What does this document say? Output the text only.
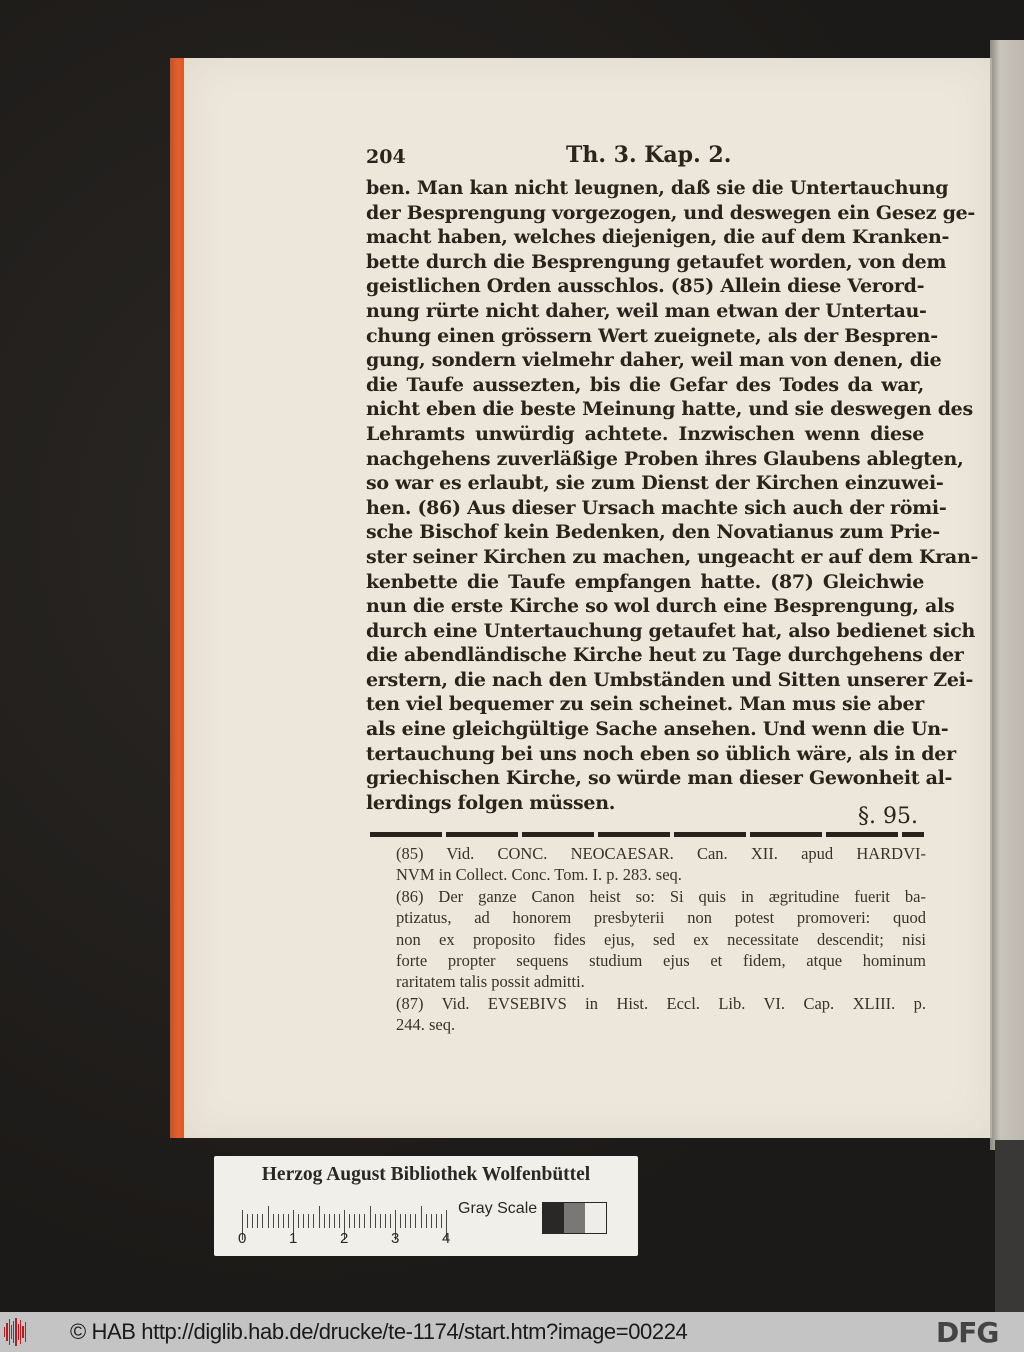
204	Th. 3. Kap. 2.
ben. Man kan nicht leugnen, daß sie die Untertauchung
der Besprengung vorgezogen, und deswegen ein Gesez ge-
macht haben, welches diejenigen, die auf dem Kranken-
bette durch die Besprengung getaufet worden, von dem
geistlichen Orden ausschlos. (85) Allein diese Verord-
nung rürte nicht daher, weil man etwan der Untertau-
chung einen grössern Wert zueignete, als der Bespren-
gung, sondern vielmehr daher, weil man von denen, die
die Taufe aussezten, bis die Gefar des Todes da war,
nicht eben die beste Meinung hatte, und sie deswegen des
Lehramts unwürdig achtete. Inzwischen wenn diese
nachgehens zuverläßige Proben ihres Glaubens ablegten,
so war es erlaubt, sie zum Dienst der Kirchen einzuwei-
hen. (86) Aus dieser Ursach machte sich auch der römi-
sche Bischof kein Bedenken, den Novatianus zum Prie-
ster seiner Kirchen zu machen, ungeacht er auf dem Kran-
kenbette die Taufe empfangen hatte. (87) Gleichwie
nun die erste Kirche so wol durch eine Besprengung, als
durch eine Untertauchung getaufet hat, also bedienet sich
die abendländische Kirche heut zu Tage durchgehens der
erstern, die nach den Umbständen und Sitten unserer Zei-
ten viel bequemer zu sein scheinet. Man mus sie aber
als eine gleichgültige Sache ansehen. Und wenn die Un-
tertauchung bei uns noch eben so üblich wäre, als in der
griechischen Kirche, so würde man dieser Gewonheit al-
lerdings folgen müssen.
§. 95.
(85) Vid. CONC. NEOCAESAR. Can. XII. apud HARDVI-
NVM in Collect. Conc. Tom. I. p. 283. seq.
(86) Der ganze Canon heist so: Si quis in ægritudine fuerit ba-
ptizatus, ad honorem presbyterii non potest promoveri: quod
non ex proposito fides ejus, sed ex necessitate descendit; nisi
forte propter sequens studium ejus et fidem, atque hominum
raritatem talis possit admitti.
(87) Vid. EVSEBIVS in Hist. Eccl. Lib. VI. Cap. XLIII. p.
244. seq.
Herzog August Bibliothek Wolfenbüttel
0	1	2	3	4
Gray Scale
© HAB http://diglib.hab.de/drucke/te-1174/start.htm?image=00224	DFG
